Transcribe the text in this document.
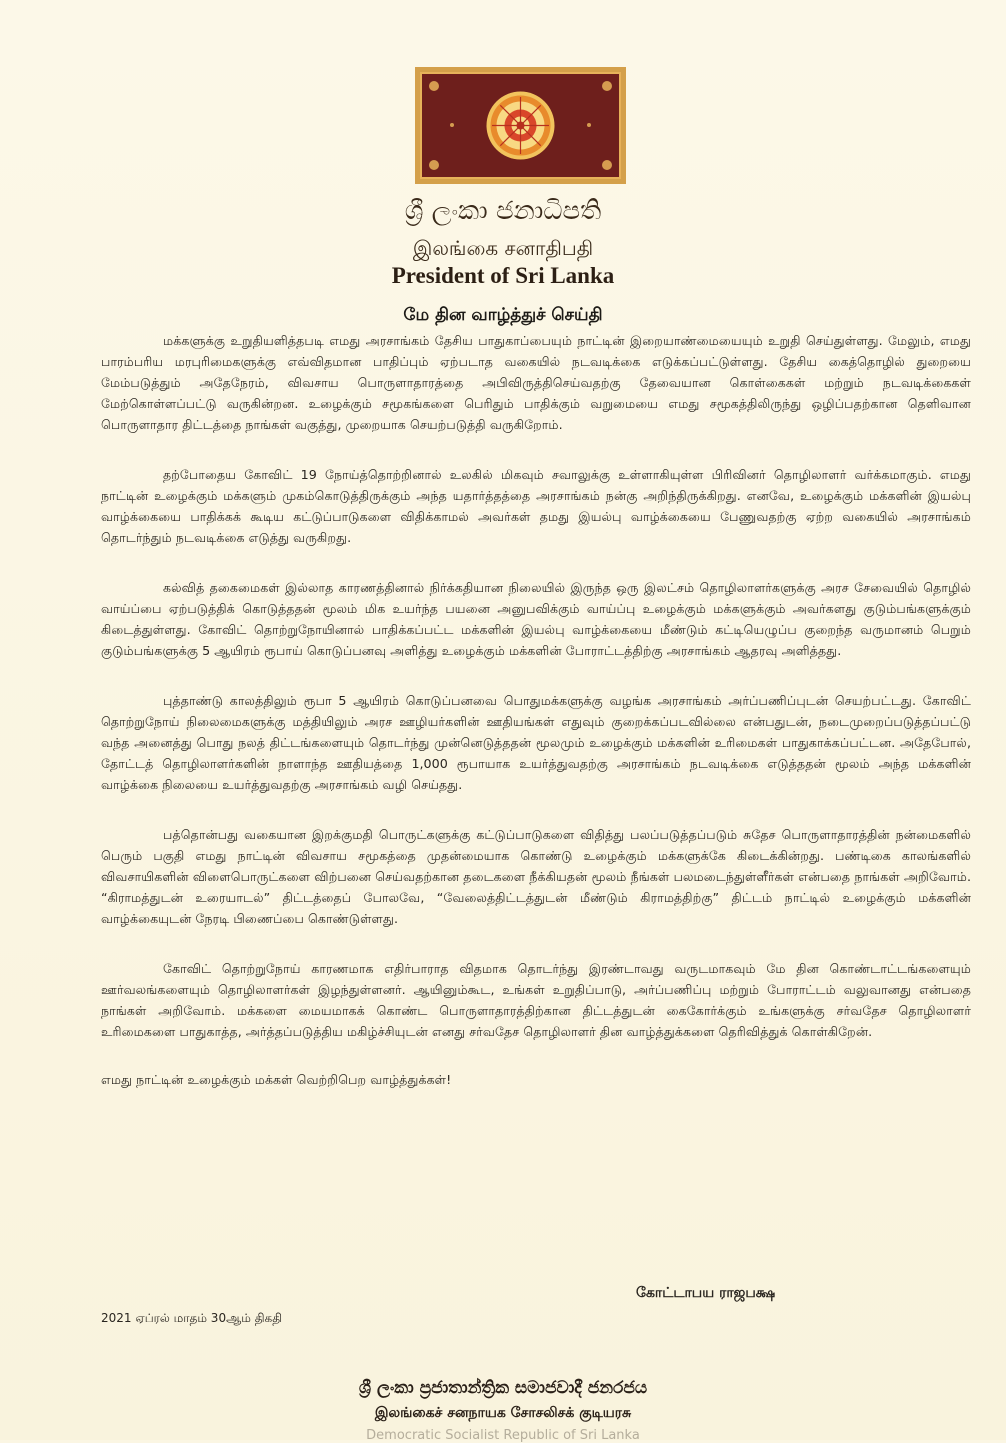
ශ්‍රී ලංකා ජනාධිපති
இலங்கை சனாதிபதி
President of Sri Lanka
மே தின வாழ்த்துச் செய்தி

மக்களுக்கு உறுதியளித்தபடி எமது அரசாங்கம் தேசிய பாதுகாப்பையும் நாட்டின் இறையாண்மையையும் உறுதி செய்துள்ளது. மேலும், எமது பாரம்பரிய மரபுரிமைகளுக்கு எவ்விதமான பாதிப்பும் ஏற்படாத வகையில் நடவடிக்கை எடுக்கப்பட்டுள்ளது. தேசிய கைத்தொழில் துறையை மேம்படுத்தும் அதேநேரம், விவசாய பொருளாதாரத்தை அபிவிருத்திசெய்வதற்கு தேவையான கொள்கைகள் மற்றும் நடவடிக்கைகள் மேற்கொள்ளப்பட்டு வருகின்றன. உழைக்கும் சமூகங்களை பெரிதும் பாதிக்கும் வறுமையை எமது சமூகத்திலிருந்து ஒழிப்பதற்கான தெளிவான பொருளாதார திட்டத்தை நாங்கள் வகுத்து, முறையாக செயற்படுத்தி வருகிறோம்.

தற்போதைய கோவிட் 19 நோய்த்தொற்றினால் உலகில் மிகவும் சவாலுக்கு உள்ளாகியுள்ள பிரிவினர் தொழிலாளர் வர்க்கமாகும். எமது நாட்டின் உழைக்கும் மக்களும் முகம்கொடுத்திருக்கும் அந்த யதார்த்தத்தை அரசாங்கம் நன்கு அறிந்திருக்கிறது. எனவே, உழைக்கும் மக்களின் இயல்பு வாழ்க்கையை பாதிக்கக் கூடிய கட்டுப்பாடுகளை விதிக்காமல் அவர்கள் தமது இயல்பு வாழ்க்கையை பேணுவதற்கு ஏற்ற வகையில் அரசாங்கம் தொடர்ந்தும் நடவடிக்கை எடுத்து வருகிறது.

கல்வித் தகைமைகள் இல்லாத காரணத்தினால் நிர்க்கதியான நிலையில் இருந்த ஒரு இலட்சம் தொழிலாளர்களுக்கு அரச சேவையில் தொழில் வாய்ப்பை ஏற்படுத்திக் கொடுத்ததன் மூலம் மிக உயர்ந்த பயனை அனுபவிக்கும் வாய்ப்பு உழைக்கும் மக்களுக்கும் அவர்களது குடும்பங்களுக்கும் கிடைத்துள்ளது. கோவிட் தொற்றுநோயினால் பாதிக்கப்பட்ட மக்களின் இயல்பு வாழ்க்கையை மீண்டும் கட்டியெழுப்ப குறைந்த வருமானம் பெறும் குடும்பங்களுக்கு 5 ஆயிரம் ரூபாய் கொடுப்பனவு அளித்து உழைக்கும் மக்களின் போராட்டத்திற்கு அரசாங்கம் ஆதரவு அளித்தது.

புத்தாண்டு காலத்திலும் ரூபா 5 ஆயிரம் கொடுப்பனவை பொதுமக்களுக்கு வழங்க அரசாங்கம் அர்ப்பணிப்புடன் செயற்பட்டது. கோவிட் தொற்றுநோய் நிலைமைகளுக்கு மத்தியிலும் அரச ஊழியர்களின் ஊதியங்கள் எதுவும் குறைக்கப்படவில்லை என்பதுடன், நடைமுறைப்படுத்தப்பட்டு வந்த அனைத்து பொது நலத் திட்டங்களையும் தொடர்ந்து முன்னெடுத்ததன் மூலமும் உழைக்கும் மக்களின் உரிமைகள் பாதுகாக்கப்பட்டன. அதேபோல், தோட்டத் தொழிலாளர்களின் நாளாந்த ஊதியத்தை 1,000 ரூபாயாக உயர்த்துவதற்கு அரசாங்கம் நடவடிக்கை எடுத்ததன் மூலம் அந்த மக்களின் வாழ்க்கை நிலையை உயர்த்துவதற்கு அரசாங்கம் வழி செய்தது.

பத்தொன்பது வகையான இறக்குமதி பொருட்களுக்கு கட்டுப்பாடுகளை விதித்து பலப்படுத்தப்படும் சுதேச பொருளாதாரத்தின் நன்மைகளில் பெரும் பகுதி எமது நாட்டின் விவசாய சமூகத்தை முதன்மையாக கொண்டு உழைக்கும் மக்களுக்கே கிடைக்கின்றது. பண்டிகை காலங்களில் விவசாயிகளின் விளைபொருட்களை விற்பனை செய்வதற்கான தடைகளை நீக்கியதன் மூலம் நீங்கள் பலமடைந்துள்ளீர்கள் என்பதை நாங்கள் அறிவோம். “கிராமத்துடன் உரையாடல்” திட்டத்தைப் போலவே, “வேலைத்திட்டத்துடன் மீண்டும் கிராமத்திற்கு” திட்டம் நாட்டில் உழைக்கும் மக்களின் வாழ்க்கையுடன் நேரடி பிணைப்பை கொண்டுள்ளது.

கோவிட் தொற்றுநோய் காரணமாக எதிர்பாராத விதமாக தொடர்ந்து இரண்டாவது வருடமாகவும் மே தின கொண்டாட்டங்களையும் ஊர்வலங்களையும் தொழிலாளர்கள் இழந்துள்ளனர். ஆயினும்கூட, உங்கள் உறுதிப்பாடு, அர்ப்பணிப்பு மற்றும் போராட்டம் வலுவானது என்பதை நாங்கள் அறிவோம். மக்களை மையமாகக் கொண்ட பொருளாதாரத்திற்கான திட்டத்துடன் கைகோர்க்கும் உங்களுக்கு சர்வதேச தொழிலாளர் உரிமைகளை பாதுகாத்த, அர்த்தப்படுத்திய மகிழ்ச்சியுடன் எனது சர்வதேச தொழிலாளர் தின வாழ்த்துக்களை தெரிவித்துக் கொள்கிறேன்.

எமது நாட்டின் உழைக்கும் மக்கள் வெற்றிபெற வாழ்த்துக்கள்!

கோட்டாபய ராஜபக்ஷ
2021 ஏப்ரல் மாதம் 30ஆம் திகதி
ශ්‍රී ලංකා ප්‍රජාතාන්ත්‍රික සමාජවාදී ජනරජය
இலங்கைச் சனநாயக சோசலிசக் குடியரசு
Democratic Socialist Republic of Sri Lanka
